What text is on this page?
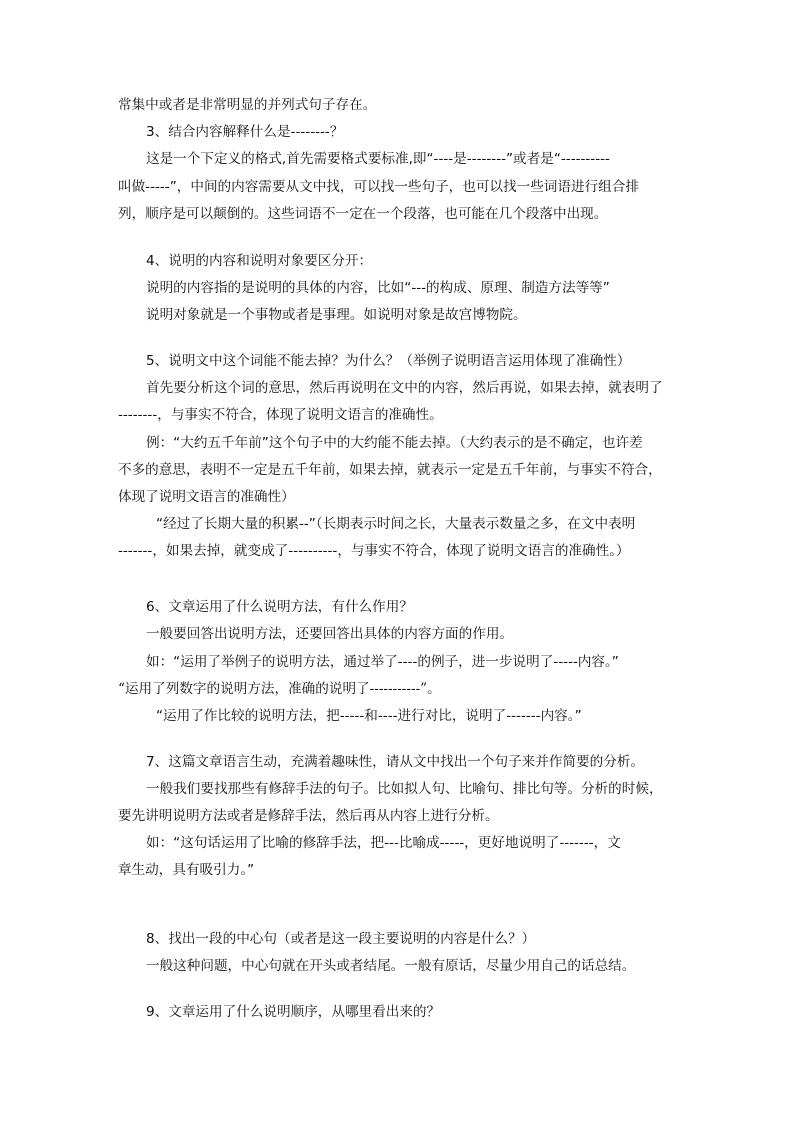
常集中或者是非常明显的并列式句子存在。
3、结合内容解释什么是--------？
这是一个下定义的格式,首先需要格式要标准,即“----是--------”或者是“----------
叫做-----”，中间的内容需要从文中找，可以找一些句子，也可以找一些词语进行组合排
列，顺序是可以颠倒的。这些词语不一定在一个段落，也可能在几个段落中出现。
4、说明的内容和说明对象要区分开：
说明的内容指的是说明的具体的内容，比如“---的构成、原理、制造方法等等”
说明对象就是一个事物或者是事理。如说明对象是故宫博物院。
5、说明文中这个词能不能去掉？为什么？（举例子说明语言运用体现了准确性）
首先要分析这个词的意思，然后再说明在文中的内容，然后再说，如果去掉，就表明了
--------，与事实不符合，体现了说明文语言的准确性。
例：“大约五千年前”这个句子中的大约能不能去掉。（大约表示的是不确定，也许差
不多的意思，表明不一定是五千年前，如果去掉，就表示一定是五千年前，与事实不符合，
体现了说明文语言的准确性）
“经过了长期大量的积累--”（长期表示时间之长，大量表示数量之多，在文中表明
-------，如果去掉，就变成了----------，与事实不符合，体现了说明文语言的准确性。）
6、文章运用了什么说明方法，有什么作用？
一般要回答出说明方法，还要回答出具体的内容方面的作用。
如：“运用了举例子的说明方法，通过举了----的例子，进一步说明了-----内容。”
“运用了列数字的说明方法，准确的说明了-----------”。
“运用了作比较的说明方法，把-----和----进行对比，说明了-------内容。”
7、这篇文章语言生动，充满着趣味性，请从文中找出一个句子来并作简要的分析。
一般我们要找那些有修辞手法的句子。比如拟人句、比喻句、排比句等。分析的时候，
要先讲明说明方法或者是修辞手法，然后再从内容上进行分析。
如：“这句话运用了比喻的修辞手法，把---比喻成-----，更好地说明了-------，文
章生动，具有吸引力。”
8、找出一段的中心句（或者是这一段主要说明的内容是什么？）
一般这种问题，中心句就在开头或者结尾。一般有原话，尽量少用自己的话总结。
9、文章运用了什么说明顺序，从哪里看出来的？
